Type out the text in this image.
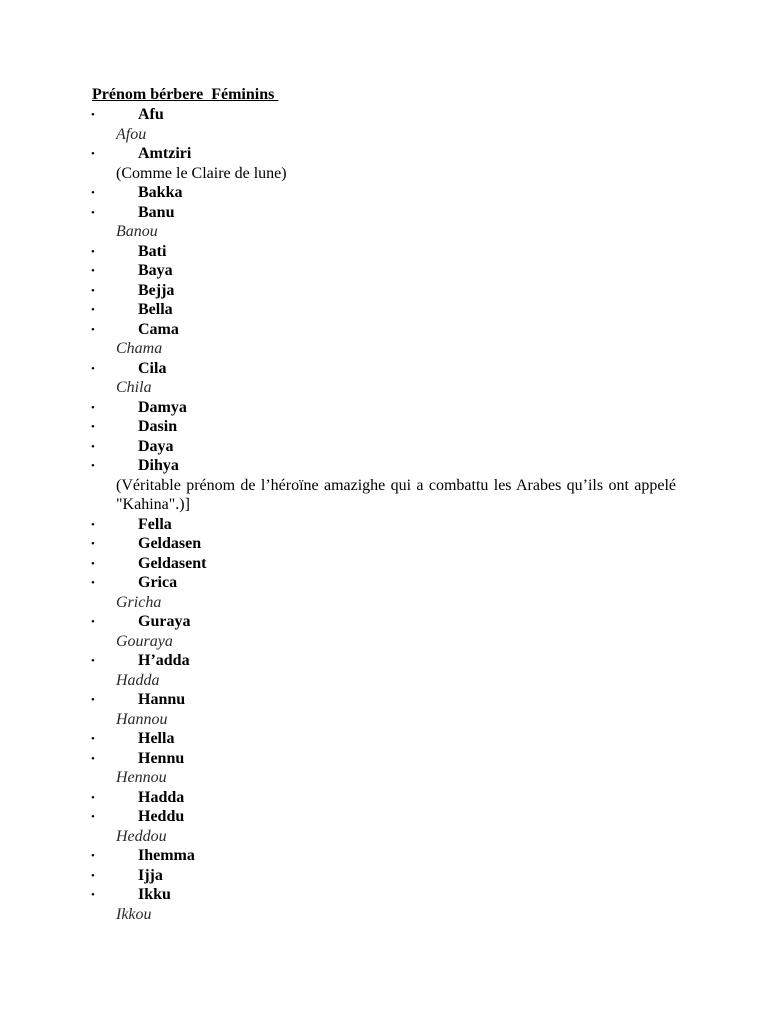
Prénom bérbere  Féminins

•	Afu
Afou
•	Amtziri
(Comme le Claire de lune)
•	Bakka
•	Banu
Banou
•	Bati
•	Baya
•	Bejja
•	Bella
•	Cama
Chama
•	Cila
Chila
•	Damya
•	Dasin
•	Daya
•	Dihya
(Véritable prénom de l’héroïne amazighe qui a combattu les Arabes qu’ils ont appelé "Kahina".)]
•	Fella
•	Geldasen
•	Geldasent
•	Grica
Gricha
•	Guraya
Gouraya
•	H’adda
Hadda
•	Hannu
Hannou
•	Hella
•	Hennu
Hennou
•	Hadda
•	Heddu
Heddou
•	Ihemma
•	Ijja
•	Ikku
Ikkou
